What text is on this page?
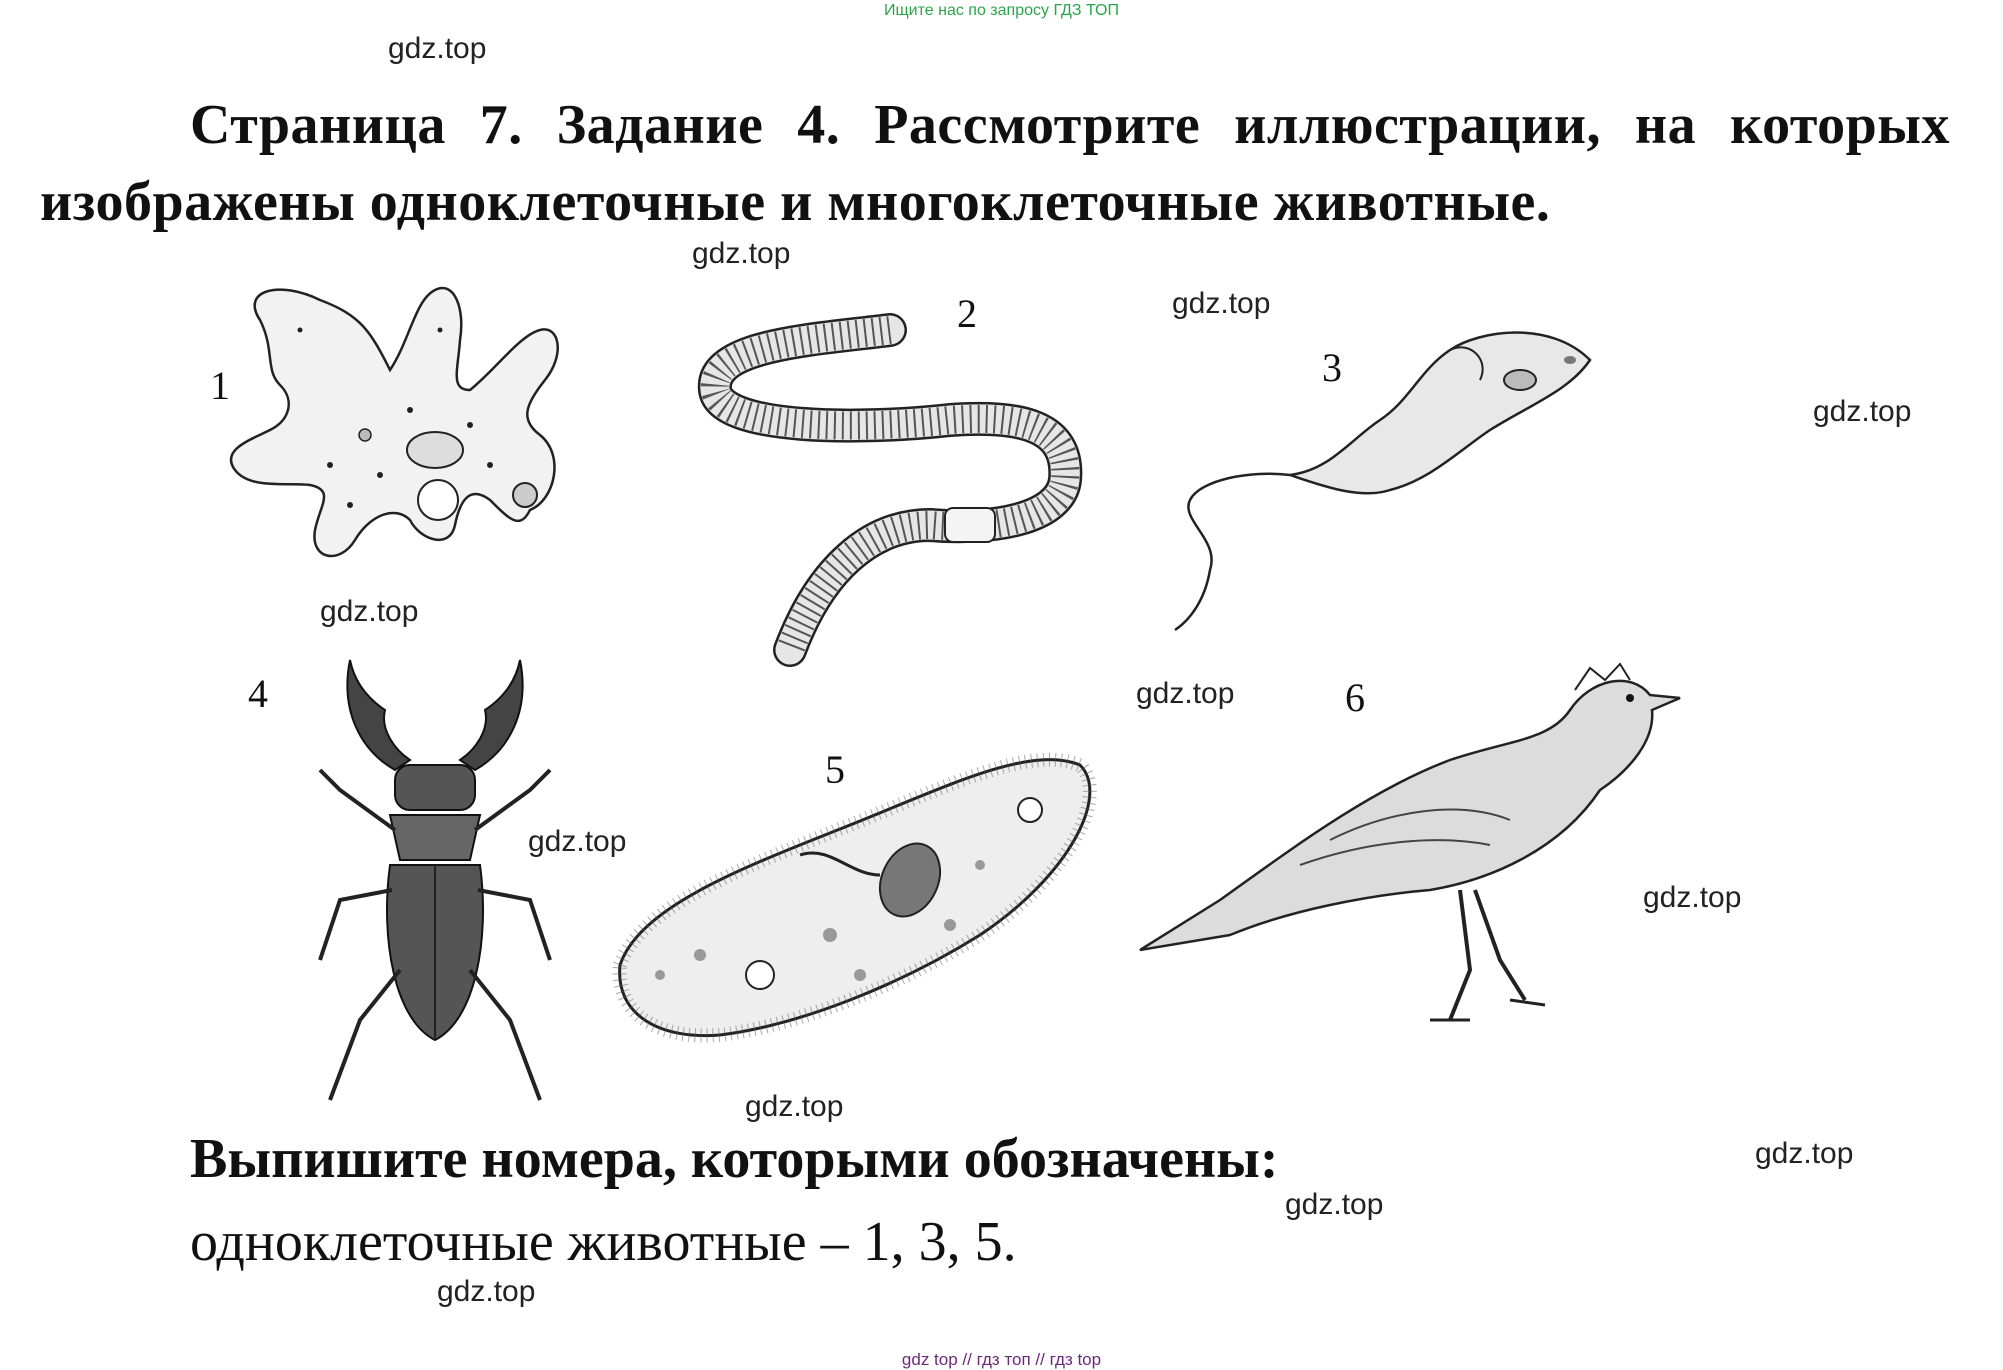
Ищите нас по запросу ГДЗ ТОП
gdz.top
gdz.top
gdz.top
gdz.top
gdz.top
gdz.top
gdz.top
gdz.top
gdz.top
gdz.top
gdz.top
gdz.top
Страница 7. Задание 4. Рассмотрите иллюстрации, на которых
изображены одноклеточные и многоклеточные животные.
1
2
3
4
5
6
Выпишите номера, которыми обозначены:
одноклеточные животные – 1, 3, 5.
gdz top // гдз топ // гдз top
